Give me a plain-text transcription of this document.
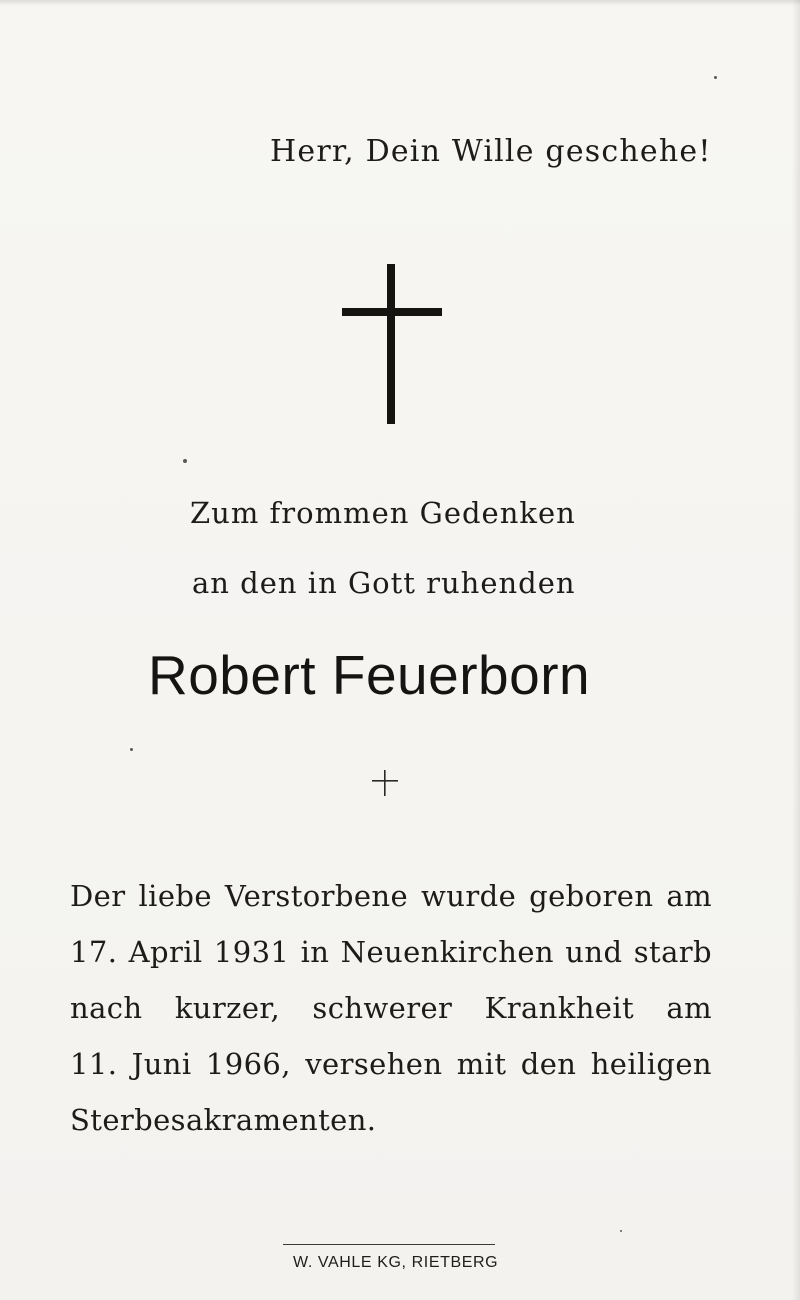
Herr, Dein Wille geschehe!
Zum frommen Gedenken
an den in Gott ruhenden
Robert Feuerborn
Der liebe Verstorbene wurde geboren am
17. April 1931 in Neuenkirchen und starb
nach kurzer, schwerer Krankheit am
11. Juni 1966, versehen mit den heiligen
Sterbesakramenten.
W. VAHLE KG, RIETBERG
